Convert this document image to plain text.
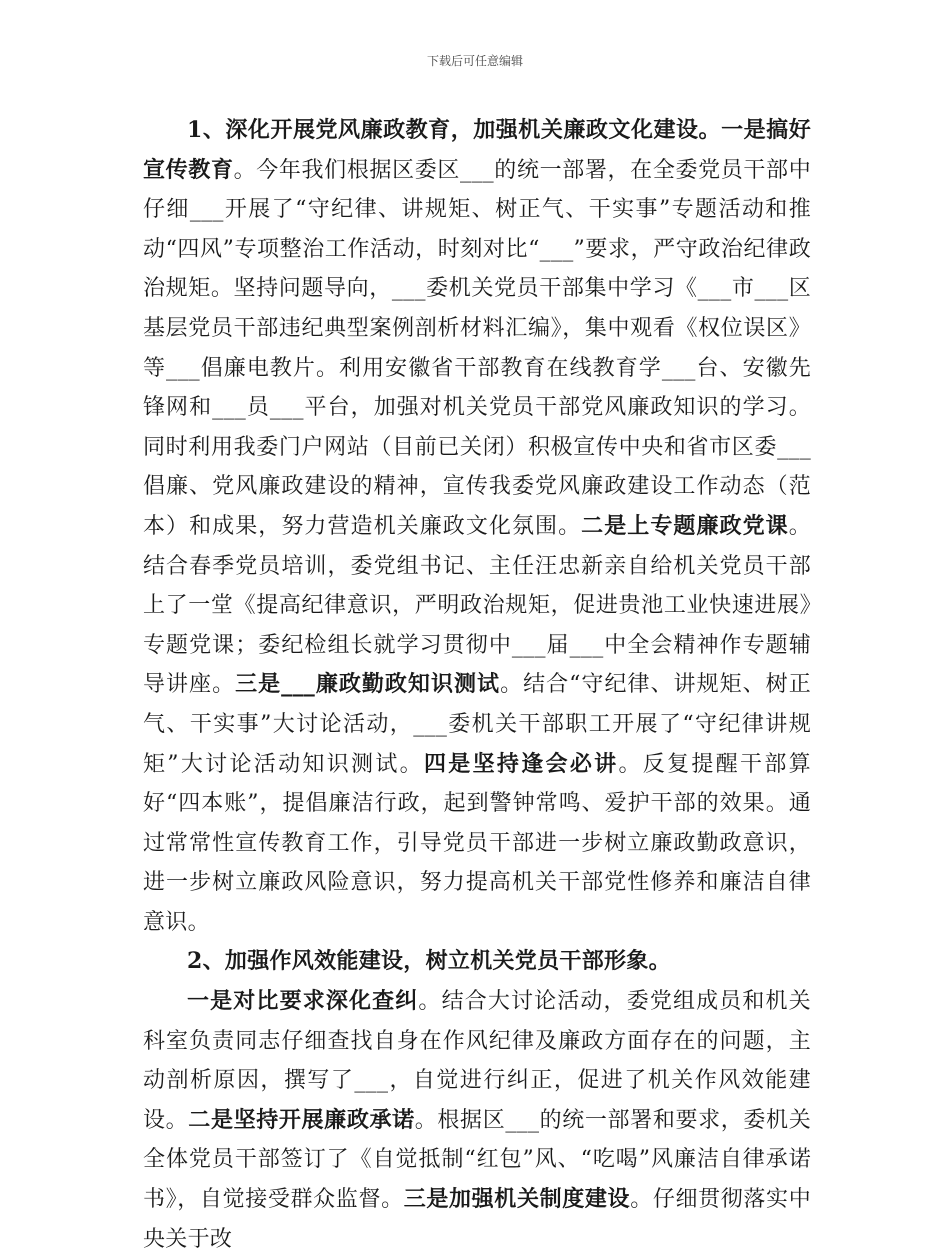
下载后可任意编辑

1、深化开展党风廉政教育，加强机关廉政文化建设。一是搞好宣传教育。今年我们根据区委区___的统一部署，在全委党员干部中仔细___开展了“守纪律、讲规矩、树正气、干实事”专题活动和推动“四风”专项整治工作活动，时刻对比“___”要求，严守政治纪律政治规矩。坚持问题导向，___委机关党员干部集中学习《___市___区基层党员干部违纪典型案例剖析材料汇编》，集中观看《权位误区》等___倡廉电教片。利用安徽省干部教育在线教育学___台、安徽先锋网和___员___平台，加强对机关党员干部党风廉政知识的学习。同时利用我委门户网站（目前已关闭）积极宣传中央和省市区委___倡廉、党风廉政建设的精神，宣传我委党风廉政建设工作动态（范本）和成果，努力营造机关廉政文化氛围。二是上专题廉政党课。结合春季党员培训，委党组书记、主任汪忠新亲自给机关党员干部上了一堂《提高纪律意识，严明政治规矩，促进贵池工业快速进展》专题党课；委纪检组长就学习贯彻中___届___中全会精神作专题辅导讲座。三是___廉政勤政知识测试。结合“守纪律、讲规矩、树正气、干实事”大讨论活动，___委机关干部职工开展了“守纪律讲规矩”大讨论活动知识测试。四是坚持逢会必讲。反复提醒干部算好“四本账”，提倡廉洁行政，起到警钟常鸣、爱护干部的效果。通过常常性宣传教育工作，引导党员干部进一步树立廉政勤政意识，进一步树立廉政风险意识，努力提高机关干部党性修养和廉洁自律意识。

2、加强作风效能建设，树立机关党员干部形象。

一是对比要求深化查纠。结合大讨论活动，委党组成员和机关科室负责同志仔细查找自身在作风纪律及廉政方面存在的问题，主动剖析原因，撰写了___，自觉进行纠正，促进了机关作风效能建设。二是坚持开展廉政承诺。根据区___的统一部署和要求，委机关全体党员干部签订了《自觉抵制“红包”风、“吃喝”风廉洁自律承诺书》，自觉接受群众监督。三是加强机关制度建设。仔细贯彻落实中央关于改
